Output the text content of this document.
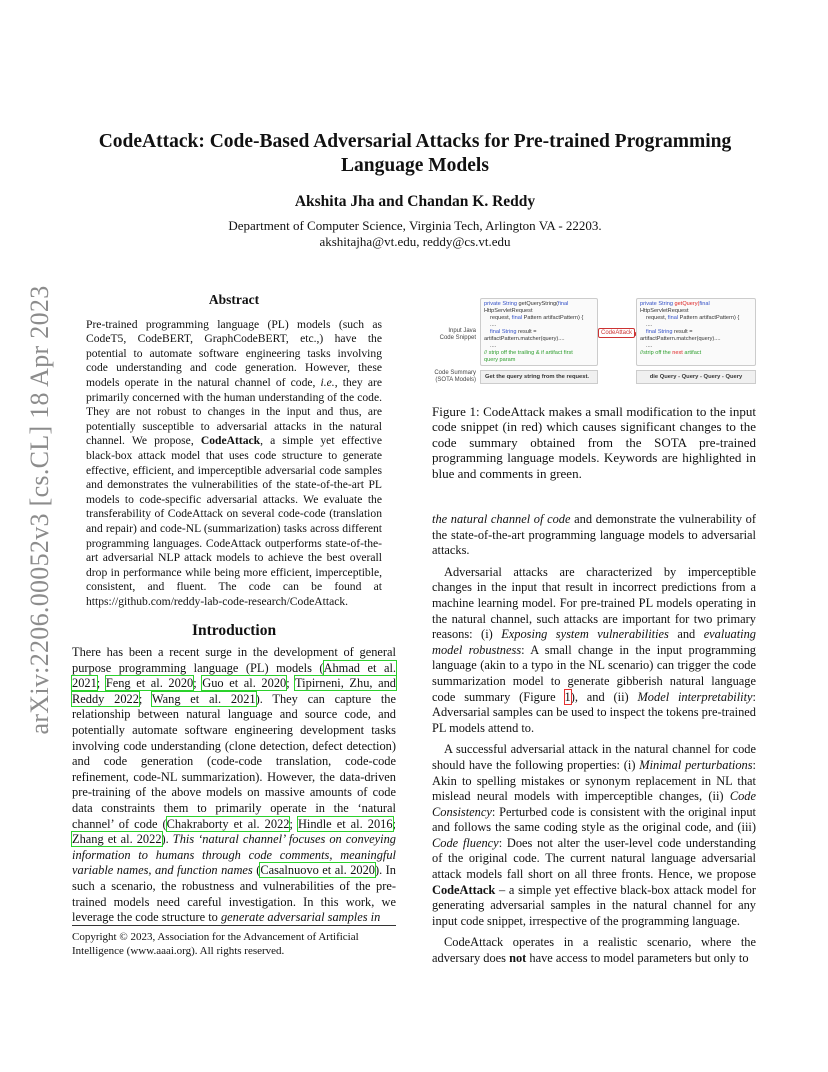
arXiv:2206.00052v3 [cs.CL] 18 Apr 2023
CodeAttack: Code-Based Adversarial Attacks for Pre-trained Programming
Language Models
Akshita Jha and Chandan K. Reddy
Department of Computer Science, Virginia Tech, Arlington VA - 22203.
akshitajha@vt.edu, reddy@cs.vt.edu
Abstract

Pre-trained programming language (PL) models (such as CodeT5, CodeBERT, GraphCodeBERT, etc.,) have the potential to automate software engineering tasks involving code understanding and code generation. However, these models operate in the natural channel of code, i.e., they are primarily concerned with the human understanding of the code. They are not robust to changes in the input and thus, are potentially susceptible to adversarial attacks in the natural channel. We propose, CodeAttack, a simple yet effective black-box attack model that uses code structure to generate effective, efficient, and imperceptible adversarial code samples and demonstrates the vulnerabilities of the state-of-the-art PL models to code-specific adversarial attacks. We evaluate the transferability of CodeAttack on several code-code (translation and repair) and code-NL (summarization) tasks across different programming languages. CodeAttack outperforms state-of-the-art adversarial NLP attack models to achieve the best overall drop in performance while being more efficient, imperceptible, consistent, and fluent. The code can be found at https://github.com/reddy-lab-code-research/CodeAttack.

Introduction

There has been a recent surge in the development of general purpose programming language (PL) models (Ahmad et al. 2021; Feng et al. 2020; Guo et al. 2020; Tipirneni, Zhu, and Reddy 2022; Wang et al. 2021). They can capture the relationship between natural language and source code, and potentially automate software engineering development tasks involving code understanding (clone detection, defect detection) and code generation (code-code translation, code-code refinement, code-NL summarization). However, the data-driven pre-training of the above models on massive amounts of code data constraints them to primarily operate in the ‘natural channel’ of code (Chakraborty et al. 2022; Hindle et al. 2016; Zhang et al. 2022). This ‘natural channel’ focuses on conveying information to humans through code comments, meaningful variable names, and function names (Casalnuovo et al. 2020). In such a scenario, the robustness and vulnerabilities of the pre-trained models need careful investigation. In this work, we leverage the code structure to generate adversarial samples in

Copyright © 2023, Association for the Advancement of Artificial Intelligence (www.aaai.org). All rights reserved.
Input Java
Code Snippet
Code Summary
(SOTA Models)
private String getQueryString(final
HttpServletRequest
request, final Pattern artifactPattern) {
....
final String result =
artifactPattern.matcher(query)....
....
// strip off the trailing & if artifact first
query param
CodeAttack
private String getQuery(final
HttpServletRequest
request, final Pattern artifactPattern) {
....
final String result =
artifactPattern.matcher(query)....
....
//strip off the next artifact
Get the query string from the request.	die Query - Query - Query - Query
Figure 1: CodeAttack makes a small modification to the input code snippet (in red) which causes significant changes to the code summary obtained from the SOTA pre-trained programming language models. Keywords are highlighted in blue and comments in green.

the natural channel of code and demonstrate the vulnerability of the state-of-the-art programming language models to adversarial attacks.

Adversarial attacks are characterized by imperceptible changes in the input that result in incorrect predictions from a machine learning model. For pre-trained PL models operating in the natural channel, such attacks are important for two primary reasons: (i) Exposing system vulnerabilities and evaluating model robustness: A small change in the input programming language (akin to a typo in the NL scenario) can trigger the code summarization model to generate gibberish natural language code summary (Figure 1), and (ii) Model interpretability: Adversarial samples can be used to inspect the tokens pre-trained PL models attend to.

A successful adversarial attack in the natural channel for code should have the following properties: (i) Minimal perturbations: Akin to spelling mistakes or synonym replacement in NL that mislead neural models with imperceptible changes, (ii) Code Consistency: Perturbed code is consistent with the original input and follows the same coding style as the original code, and (iii) Code fluency: Does not alter the user-level code understanding of the original code. The current natural language adversarial attack models fall short on all three fronts. Hence, we propose CodeAttack – a simple yet effective black-box attack model for generating adversarial samples in the natural channel for any input code snippet, irrespective of the programming language.

CodeAttack operates in a realistic scenario, where the adversary does not have access to model parameters but only to
